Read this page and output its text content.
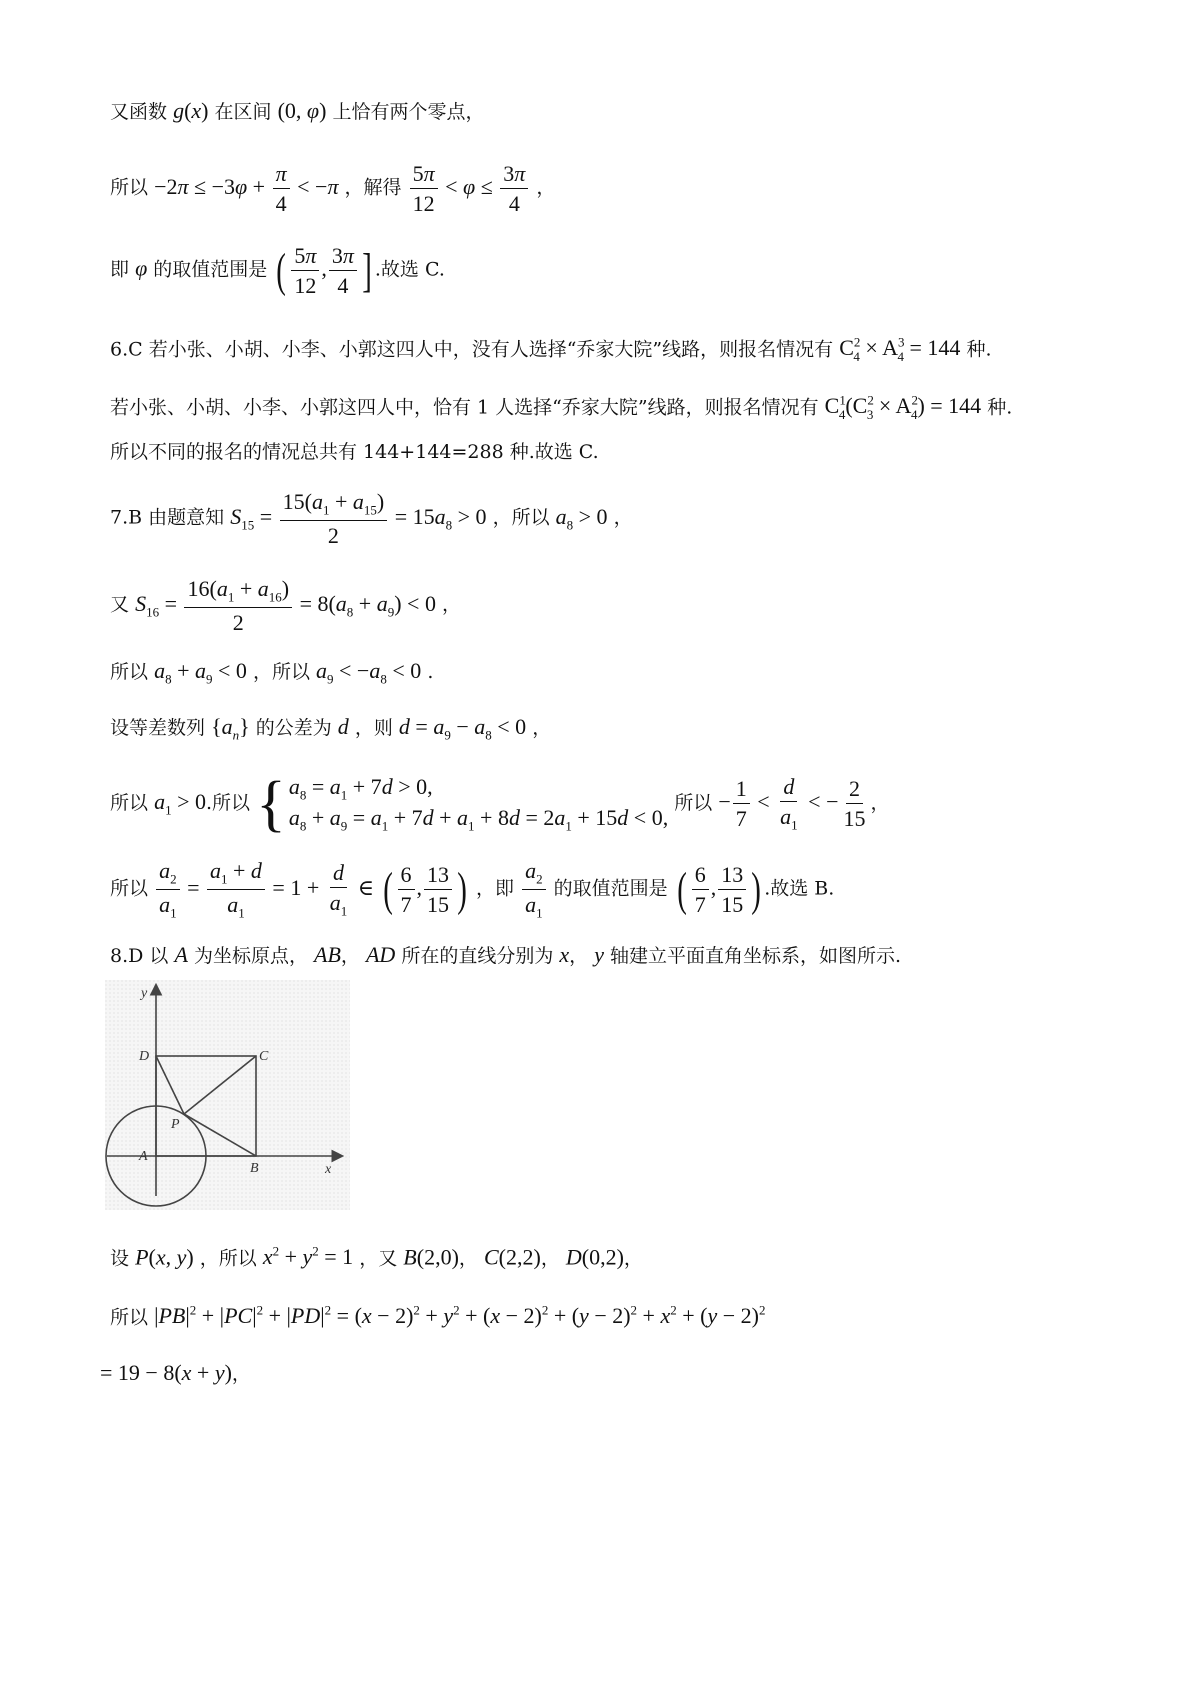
又函数 g(x) 在区间 (0, φ) 上恰有两个零点，
所以 $-2\pi \le -3\varphi + \frac{\pi}{4} < -\pi$ ，解得 $\frac{5\pi}{12} < \varphi \le \frac{3\pi}{4}$ ，
即 φ 的取值范围是 ( $\frac{5\pi}{12}$ , $\frac{3\pi}{4}$ ] .故选 C.
6.C 若小张、小胡、小李、小郭这四人中，没有人选择“乔家大院”线路，则报名情况有 $C^2_4 \times A^3_4 = 144$ 种.
若小张、小胡、小李、小郭这四人中，恰有 1 人选择“乔家大院”线路，则报名情况有 $C^1_4(C^2_3 \times A^2_4) = 144$ 种.
所以不同的报名的情况总共有 144+144=288 种.故选 C.
7.B 由题意知 $S_{15} = \frac{15(a_1 + a_{15})}{2} = 15a_8 > 0$ ，所以 $a_8 > 0$ ，
又 $S_{16} = \frac{16(a_1 + a_{16})}{2} = 8(a_8 + a_9) < 0$ ，
所以 $a_8 + a_9 < 0$ ，所以 $a_9 < -a_8 < 0$ .
设等差数列 $\{a_n\}$ 的公差为 d ，则 $d = a_9 - a_8 < 0$ ，
所以 $a_1 > 0$.所以 { $a_8 = a_1 + 7d > 0$,
$a_8 + a_9 = a_1 + 7d + a_1 + 8d = 2a_1 + 15d < 0$,
所以 − $\frac{1}{7} < \frac{d}{a_1}$ < − $\frac{2}{15}$ ，
所以 $\frac{a_2}{a_1} = \frac{a_1 + d}{a_1} = 1 + \frac{d}{a_1}$ ∈ ( $\frac{6}{7}$ , $\frac{13}{15}$ ) ，即 $\frac{a_2}{a_1}$ 的取值范围是 ( $\frac{6}{7}$ , $\frac{13}{15}$ ) .故选 B.
8.D 以 A 为坐标原点， AB， AD 所在的直线分别为 x， y 轴建立平面直角坐标系，如图所示.
y
x
D	C
P
A
B
设 P(x, y) ，所以 $x^2 + y^2 = 1$ ，又 B(2,0)， C(2,2)， D(0,2)，
所以 $|PB|^2 + |PC|^2 + |PD|^2 = (x - 2)^2 + y^2 + (x - 2)^2 + (y - 2)^2 + x^2 + (y - 2)^2$
= 19 − 8(x + y)，
